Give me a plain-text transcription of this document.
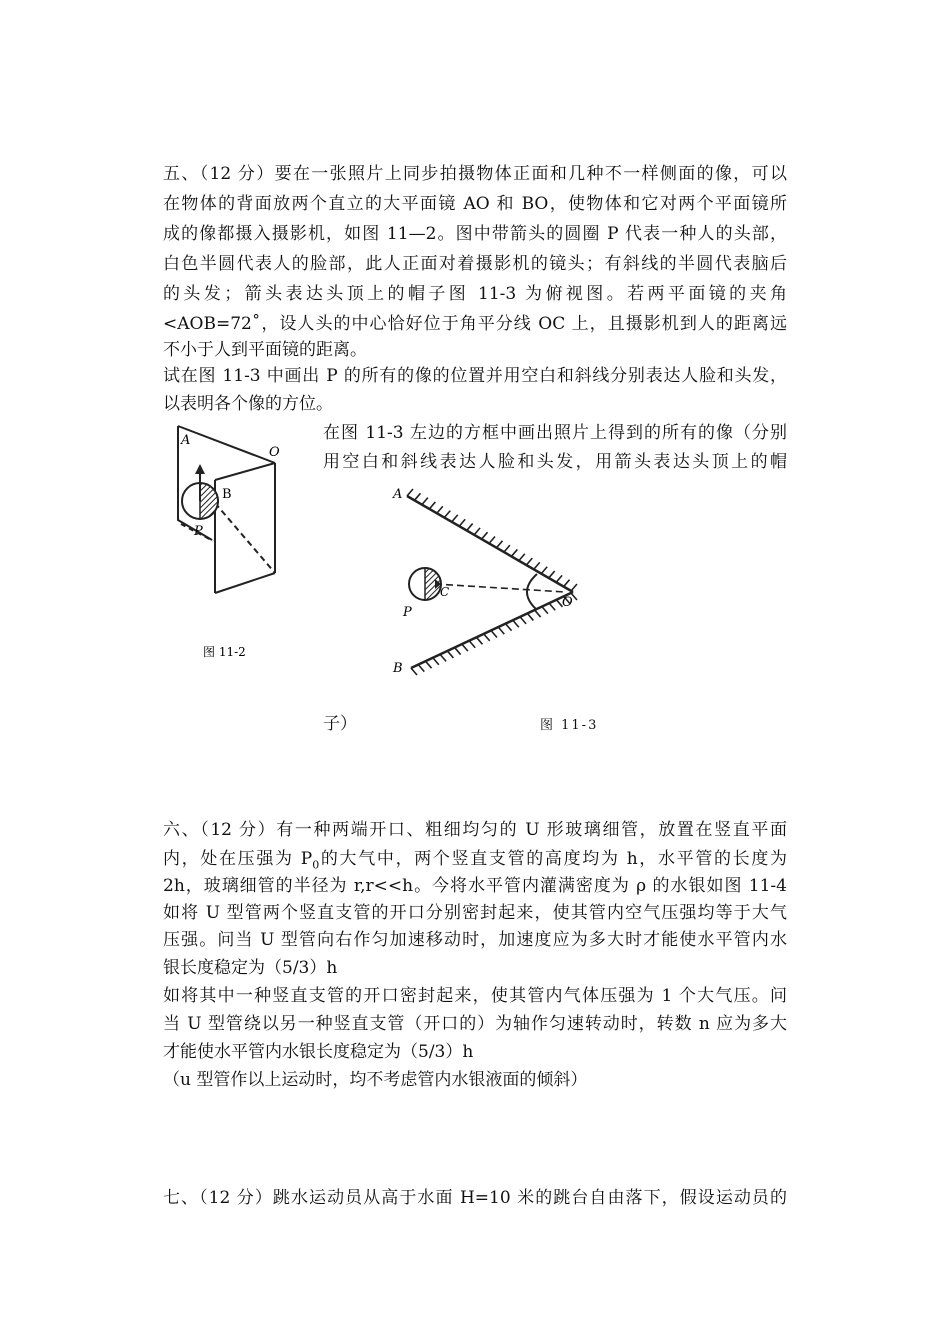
五、（12 分）要在一张照片上同步拍摄物体正面和几种不一样侧面的像，可以
在物体的背面放两个直立的大平面镜 AO 和 BO，使物体和它对两个平面镜所
成的像都摄入摄影机，如图 11—2。图中带箭头的圆圈 P 代表一种人的头部，
白色半圆代表人的脸部，此人正面对着摄影机的镜头；有斜线的半圆代表脑后
的头发；箭头表达头顶上的帽子图 11-3 为俯视图。若两平面镜的夹角
<AOB=72˚，设人头的中心恰好位于角平分线 OC 上，且摄影机到人的距离远
不小于人到平面镜的距离。
试在图 11-3 中画出 P 的所有的像的位置并用空白和斜线分别表达人脸和头发，
以表明各个像的方位。
在图 11-3 左边的方框中画出照片上得到的所有的像（分别
用空白和斜线表达人脸和头发，用箭头表达头顶上的帽
A
O
B
P
图 11-2
A
B
O
C
P
子）	图 11-3
六、（12 分）有一种两端开口、粗细均匀的 U 形玻璃细管，放置在竖直平面
内，处在压强为 $P_0$的大气中，两个竖直支管的高度均为 h，水平管的长度为
2h，玻璃细管的半径为 r,r<<h。今将水平管内灌满密度为 ρ 的水银如图 11-4
如将 U 型管两个竖直支管的开口分别密封起来，使其管内空气压强均等于大气
压强。问当 U 型管向右作匀加速移动时，加速度应为多大时才能使水平管内水
银长度稳定为（5/3）h
如将其中一种竖直支管的开口密封起来，使其管内气体压强为 1 个大气压。问
当 U 型管绕以另一种竖直支管（开口的）为轴作匀速转动时，转数 n 应为多大
才能使水平管内水银长度稳定为（5/3）h
（u 型管作以上运动时，均不考虑管内水银液面的倾斜）
七、（12 分）跳水运动员从高于水面 H=10 米的跳台自由落下，假设运动员的
